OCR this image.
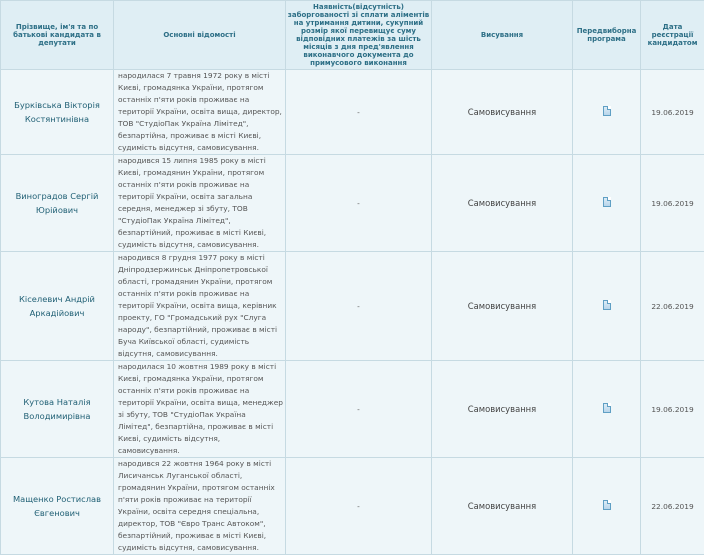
Прізвище, ім'я та по батькові кандидата в депутати	Основні відомості	Наявність(відсутність) заборгованості зі сплати аліментів на утримання дитини, сукупний розмір якої перевищує суму відповідних платежів за шість місяців з дня пред'явлення виконавчого документа до примусового виконання	Висування	Передвиборна програма	Дата реєстрації кандидатом
Бурківська Вікторія Костянтинівна	народилася 7 травня 1972 року в місті Києві, громадянка України, протягом останніх п'яти років проживає на території України, освіта вища, директор, ТОВ "СтудіоПак Україна Лімітед", безпартійна, проживає в місті Києві, судимість відсутня, самовисування.	-	Самовисування		19.06.2019
Виноградов Сергій Юрійович	народився 15 липня 1985 року в місті Києві, громадянин України, протягом останніх п'яти років проживає на території України, освіта загальна середня, менеджер зі збуту, ТОВ "СтудіоПак Україна Лімітед", безпартійний, проживає в місті Києві, судимість відсутня, самовисування.	-	Самовисування		19.06.2019
Кіселевич Андрій Аркадійович	народився 8 грудня 1977 року в місті Дніпродзержинськ Дніпропетровської області, громадянин України, протягом останніх п'яти років проживає на території України, освіта вища, керівник проекту, ГО "Громадський рух "Слуга народу", безпартійний, проживає в місті Буча Київської області, судимість відсутня, самовисування.	-	Самовисування		22.06.2019
Кутова Наталія Володимирівна	народилася 10 жовтня 1989 року в місті Києві, громадянка України, протягом останніх п'яти років проживає на території України, освіта вища, менеджер зі збуту, ТОВ "СтудіоПак Україна Лімітед", безпартійна, проживає в місті Києві, судимість відсутня, самовисування.	-	Самовисування		19.06.2019
Мащенко Ростислав Євгенович	народився 22 жовтня 1964 року в місті Лисичанськ Луганської області, громадянин України, протягом останніх п'яти років проживає на території України, освіта середня спеціальна, директор, ТОВ "Євро Транс Автоком", безпартійний, проживає в місті Києві, судимість відсутня, самовисування.	-	Самовисування		22.06.2019
